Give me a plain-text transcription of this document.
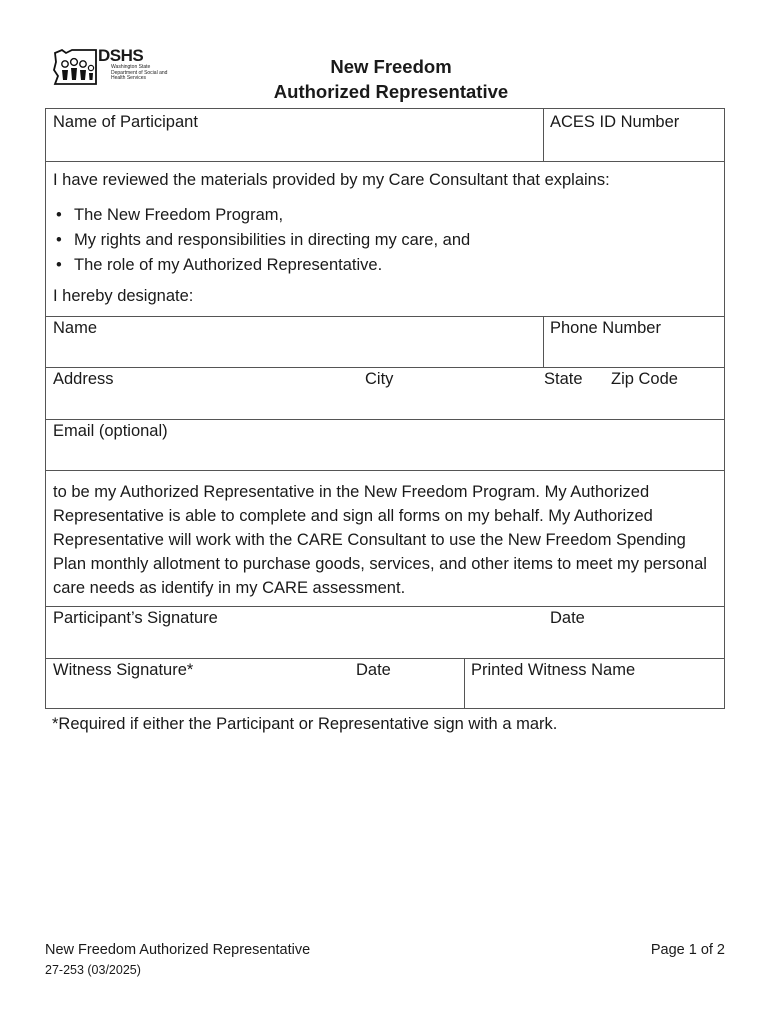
DSHS
Washington State Department of Social and Health Services
New Freedom
Authorized Representative
Name of Participant	ACES ID Number
I have reviewed the materials provided by my Care Consultant that explains:
• The New Freedom Program,
• My rights and responsibilities in directing my care, and
• The role of my Authorized Representative.
I hereby designate:
Name	Phone Number
Address	City	State Zip Code
Email (optional)
to be my Authorized Representative in the New Freedom Program. My Authorized Representative is able to complete and sign all forms on my behalf. My Authorized Representative will work with the CARE Consultant to use the New Freedom Spending Plan monthly allotment to purchase goods, services, and other items to meet my personal care needs as identify in my CARE assessment.
Participant’s Signature	Date
Witness Signature*	Date	Printed Witness Name
*Required if either the Participant or Representative sign with a mark.
New Freedom Authorized Representative
27-253 (03/2025)
Page 1 of 2
